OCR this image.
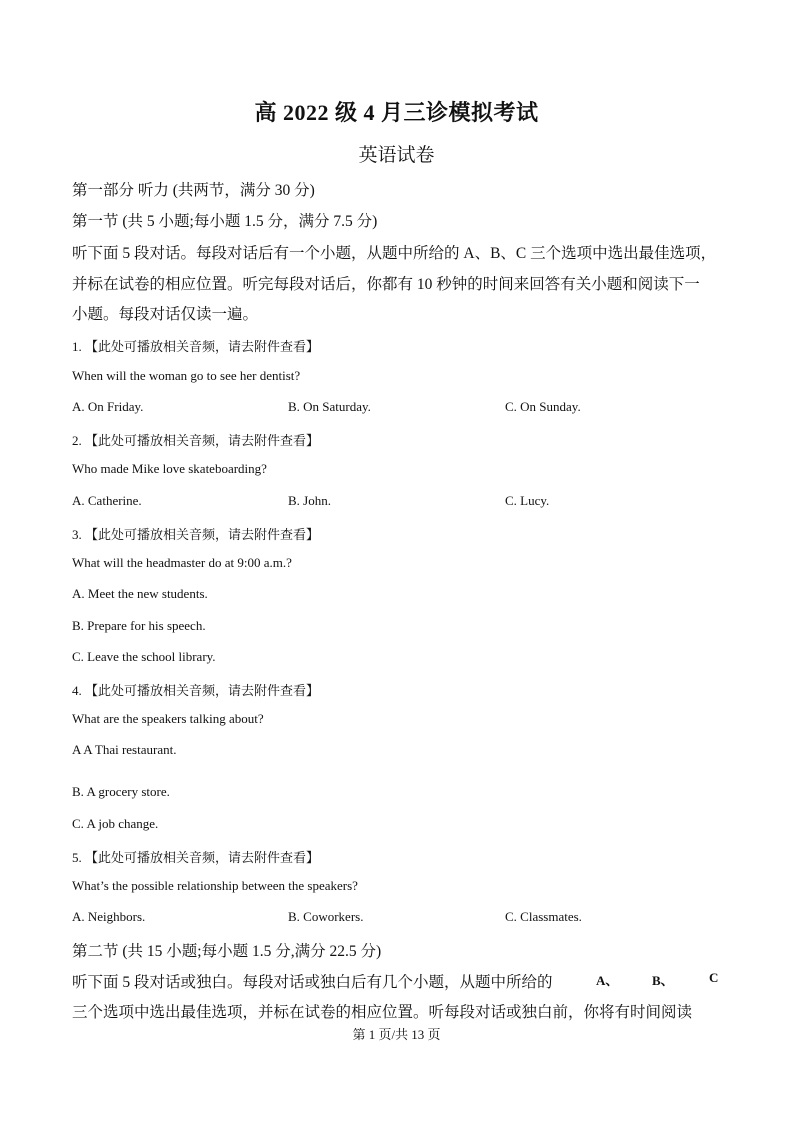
高 2022 级 4 月三诊模拟考试
英语试卷
第一部分 听力 (共两节，满分 30 分)
第一节 (共 5 小题;每小题 1.5 分，满分 7.5 分)
听下面 5 段对话。每段对话后有一个小题，从题中所给的 A、B、C 三个选项中选出最佳选项，
并标在试卷的相应位置。听完每段对话后，你都有 10 秒钟的时间来回答有关小题和阅读下一
小题。每段对话仅读一遍。
1. 【此处可播放相关音频，请去附件查看】
When will the woman go to see her dentist?
A. On Friday.	B. On Saturday.	C. On Sunday.
2. 【此处可播放相关音频，请去附件查看】
Who made Mike love skateboarding?
A. Catherine.	B. John.	C. Lucy.
3. 【此处可播放相关音频，请去附件查看】
What will the headmaster do at 9:00 a.m.?
A. Meet the new students.
B. Prepare for his speech.
C. Leave the school library.
4. 【此处可播放相关音频，请去附件查看】
What are the speakers talking about?
A A Thai restaurant.
B. A grocery store.
C. A job change.
5. 【此处可播放相关音频，请去附件查看】
What’s the possible relationship between the speakers?
A. Neighbors.	B. Coworkers.	C. Classmates.
第二节 (共 15 小题;每小题 1.5 分,满分 22.5 分)
听下面 5 段对话或独白。每段对话或独白后有几个小题，从题中所给的	A、	B、	C
三个选项中选出最佳选项，并标在试卷的相应位置。听每段对话或独白前，你将有时间阅读
第 1 页/共 13 页
